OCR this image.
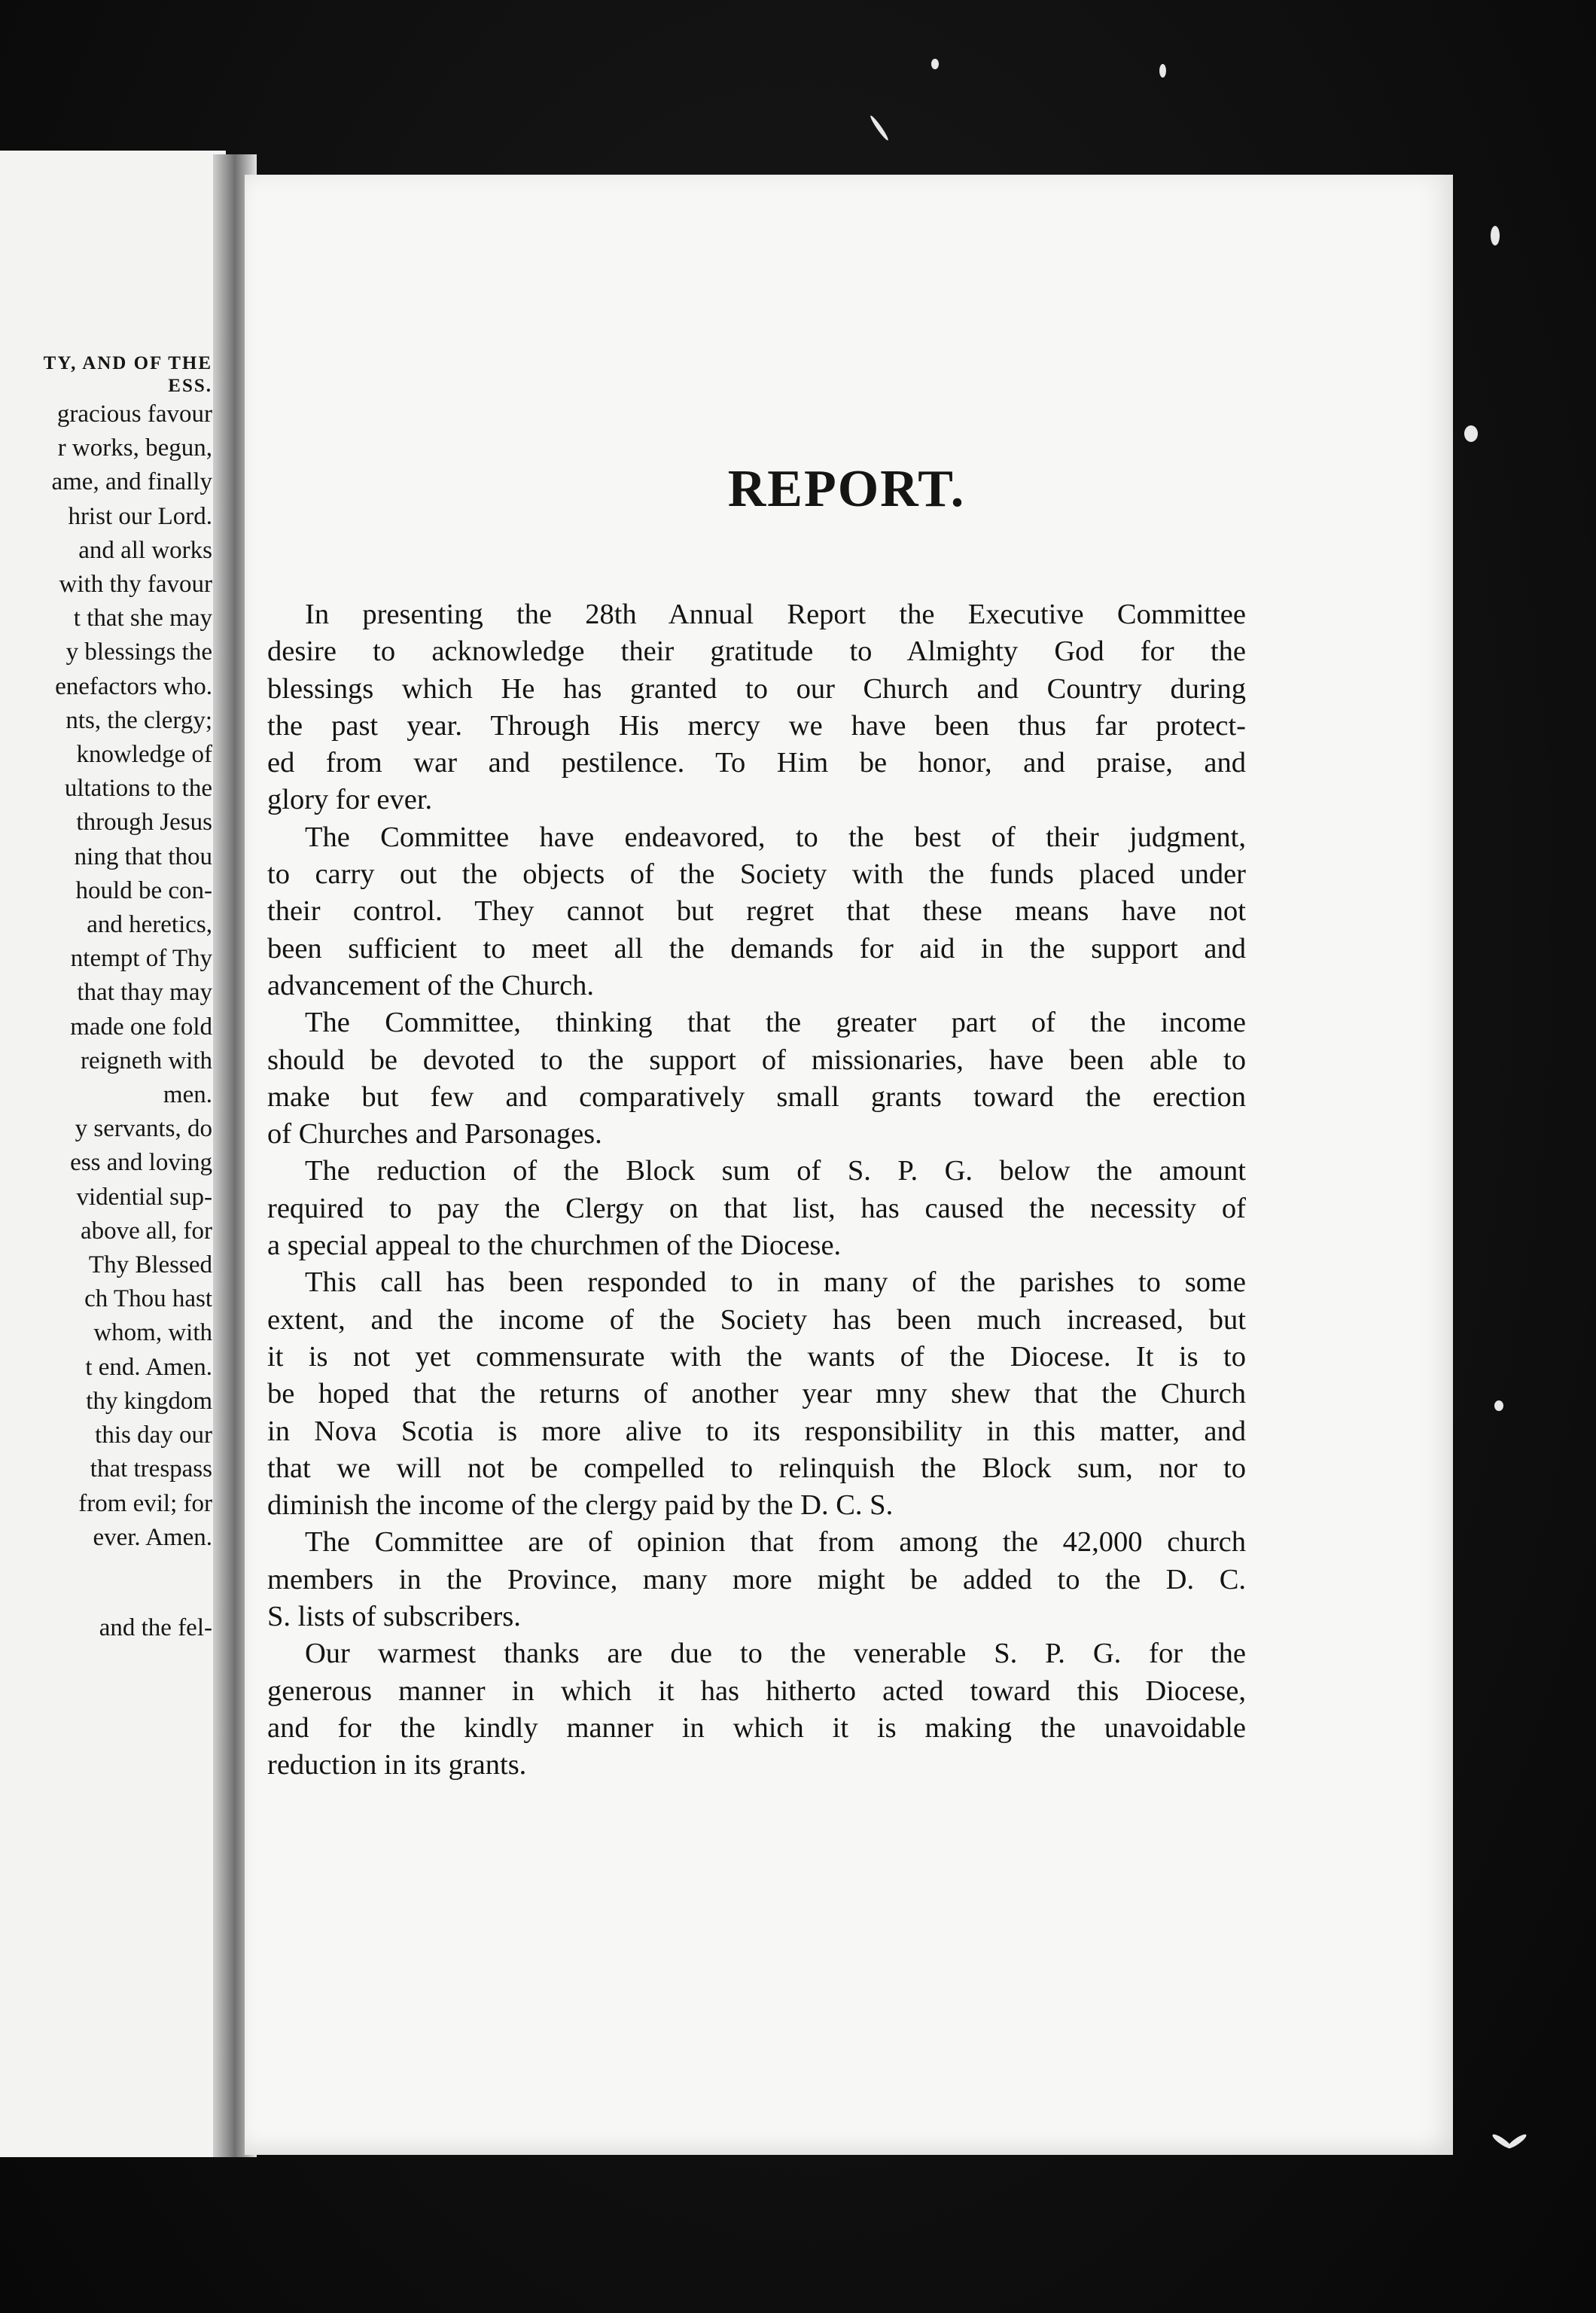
TY, AND OF THE
ESS.
gracious favour
r works, begun,
ame, and finally
hrist our Lord.
and all works
with thy favour
t that she may
y blessings the
enefactors who.
nts, the clergy;
knowledge of
ultations to the
through Jesus
ning that thou
hould be con-
and heretics,
ntempt of Thy
that thay may
made one fold
reigneth with
men.
y servants, do
ess and loving
vidential sup-
above all, for
Thy Blessed
ch Thou hast
whom, with
t end. Amen.
thy kingdom
this day our
that trespass
from evil; for
ever. Amen.
and the fel-
REPORT.
In presenting the 28th Annual Report the Executive Committee
desire to acknowledge their gratitude to Almighty God for the
blessings which He has granted to our Church and Country during
the past year. Through His mercy we have been thus far protect-
ed from war and pestilence. To Him be honor, and praise, and
glory for ever.
The Committee have endeavored, to the best of their judgment,
to carry out the objects of the Society with the funds placed under
their control. They cannot but regret that these means have not
been sufficient to meet all the demands for aid in the support and
advancement of the Church.
The Committee, thinking that the greater part of the income
should be devoted to the support of missionaries, have been able to
make but few and comparatively small grants toward the erection
of Churches and Parsonages.
The reduction of the Block sum of S. P. G. below the amount
required to pay the Clergy on that list, has caused the necessity of
a special appeal to the churchmen of the Diocese.
This call has been responded to in many of the parishes to some
extent, and the income of the Society has been much increased, but
it is not yet commensurate with the wants of the Diocese. It is to
be hoped that the returns of another year mny shew that the Church
in Nova Scotia is more alive to its responsibility in this matter, and
that we will not be compelled to relinquish the Block sum, nor to
diminish the income of the clergy paid by the D. C. S.
The Committee are of opinion that from among the 42,000 church
members in the Province, many more might be added to the D. C.
S. lists of subscribers.
Our warmest thanks are due to the venerable S. P. G. for the
generous manner in which it has hitherto acted toward this Diocese,
and for the kindly manner in which it is making the unavoidable
reduction in its grants.
